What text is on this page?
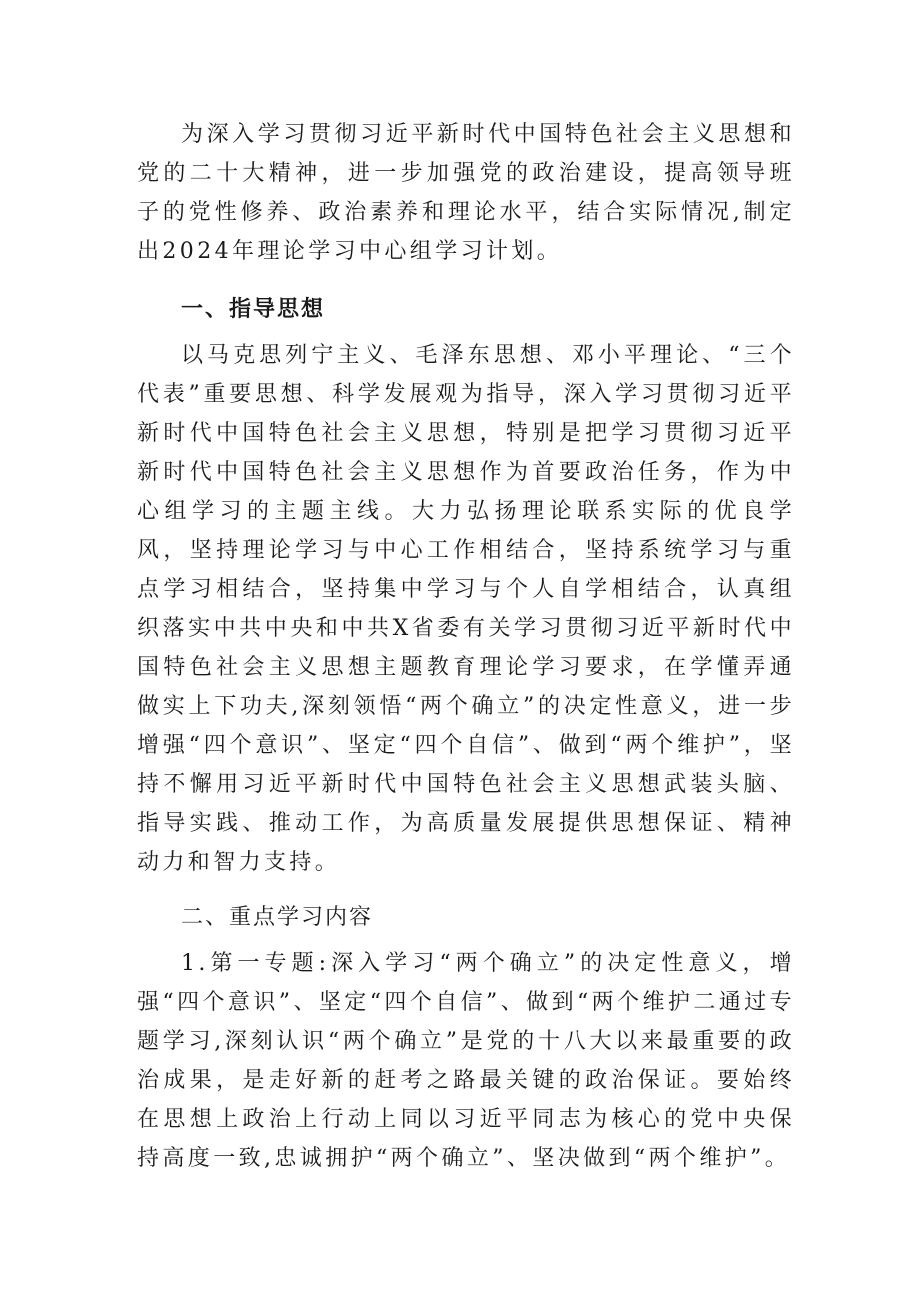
为深入学习贯彻习近平新时代中国特色社会主义思想和党的二十大精神，进一步加强党的政治建设，提高领导班子的党性修养、政治素养和理论水平，结合实际情况,制定出2024年理论学习中心组学习计划。

一、指导思想

以马克思列宁主义、毛泽东思想、邓小平理论、“三个代表”重要思想、科学发展观为指导，深入学习贯彻习近平新时代中国特色社会主义思想，特别是把学习贯彻习近平新时代中国特色社会主义思想作为首要政治任务，作为中心组学习的主题主线。大力弘扬理论联系实际的优良学风，坚持理论学习与中心工作相结合，坚持系统学习与重点学习相结合，坚持集中学习与个人自学相结合，认真组织落实中共中央和中共X省委有关学习贯彻习近平新时代中国特色社会主义思想主题教育理论学习要求，在学懂弄通做实上下功夫,深刻领悟“两个确立”的决定性意义，进一步增强“四个意识”、坚定“四个自信”、做到“两个维护”，坚持不懈用习近平新时代中国特色社会主义思想武装头脑、指导实践、推动工作，为高质量发展提供思想保证、精神动力和智力支持。

二、重点学习内容

1.第一专题:深入学习“两个确立”的决定性意义，增强“四个意识”、坚定“四个自信”、做到“两个维护二通过专题学习,深刻认识“两个确立”是党的十八大以来最重要的政治成果，是走好新的赶考之路最关键的政治保证。要始终在思想上政治上行动上同以习近平同志为核心的党中央保持高度一致,忠诚拥护“两个确立”、坚决做到“两个维护”。
